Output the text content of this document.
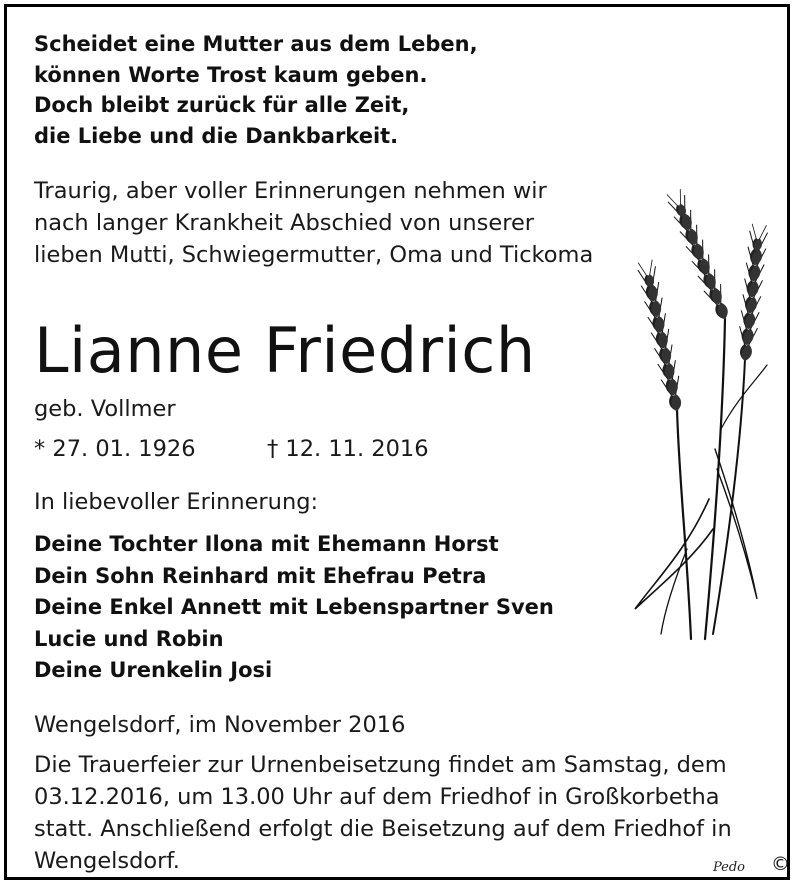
Scheidet eine Mutter aus dem Leben,
können Worte Trost kaum geben.
Doch bleibt zurück für alle Zeit,
die Liebe und die Dankbarkeit.
Traurig, aber voller Erinnerungen nehmen wir nach langer Krankheit Abschied von unserer lieben Mutti, Schwiegermutter, Oma und Tickoma
Lianne Friedrich
geb. Vollmer
* 27. 01. 1926	† 12. 11. 2016
In liebevoller Erinnerung:
Deine Tochter Ilona mit Ehemann Horst
Dein Sohn Reinhard mit Ehefrau Petra
Deine Enkel Annett mit Lebenspartner Sven
Lucie und Robin
Deine Urenkelin Josi
Wengelsdorf, im November 2016
Die Trauerfeier zur Urnenbeisetzung findet am Samstag, dem
03.12.2016, um 13.00 Uhr auf dem Friedhof in Großkorbetha
statt. Anschließend erfolgt die Beisetzung auf dem Friedhof in
Wengelsdorf.	Pedo ©
